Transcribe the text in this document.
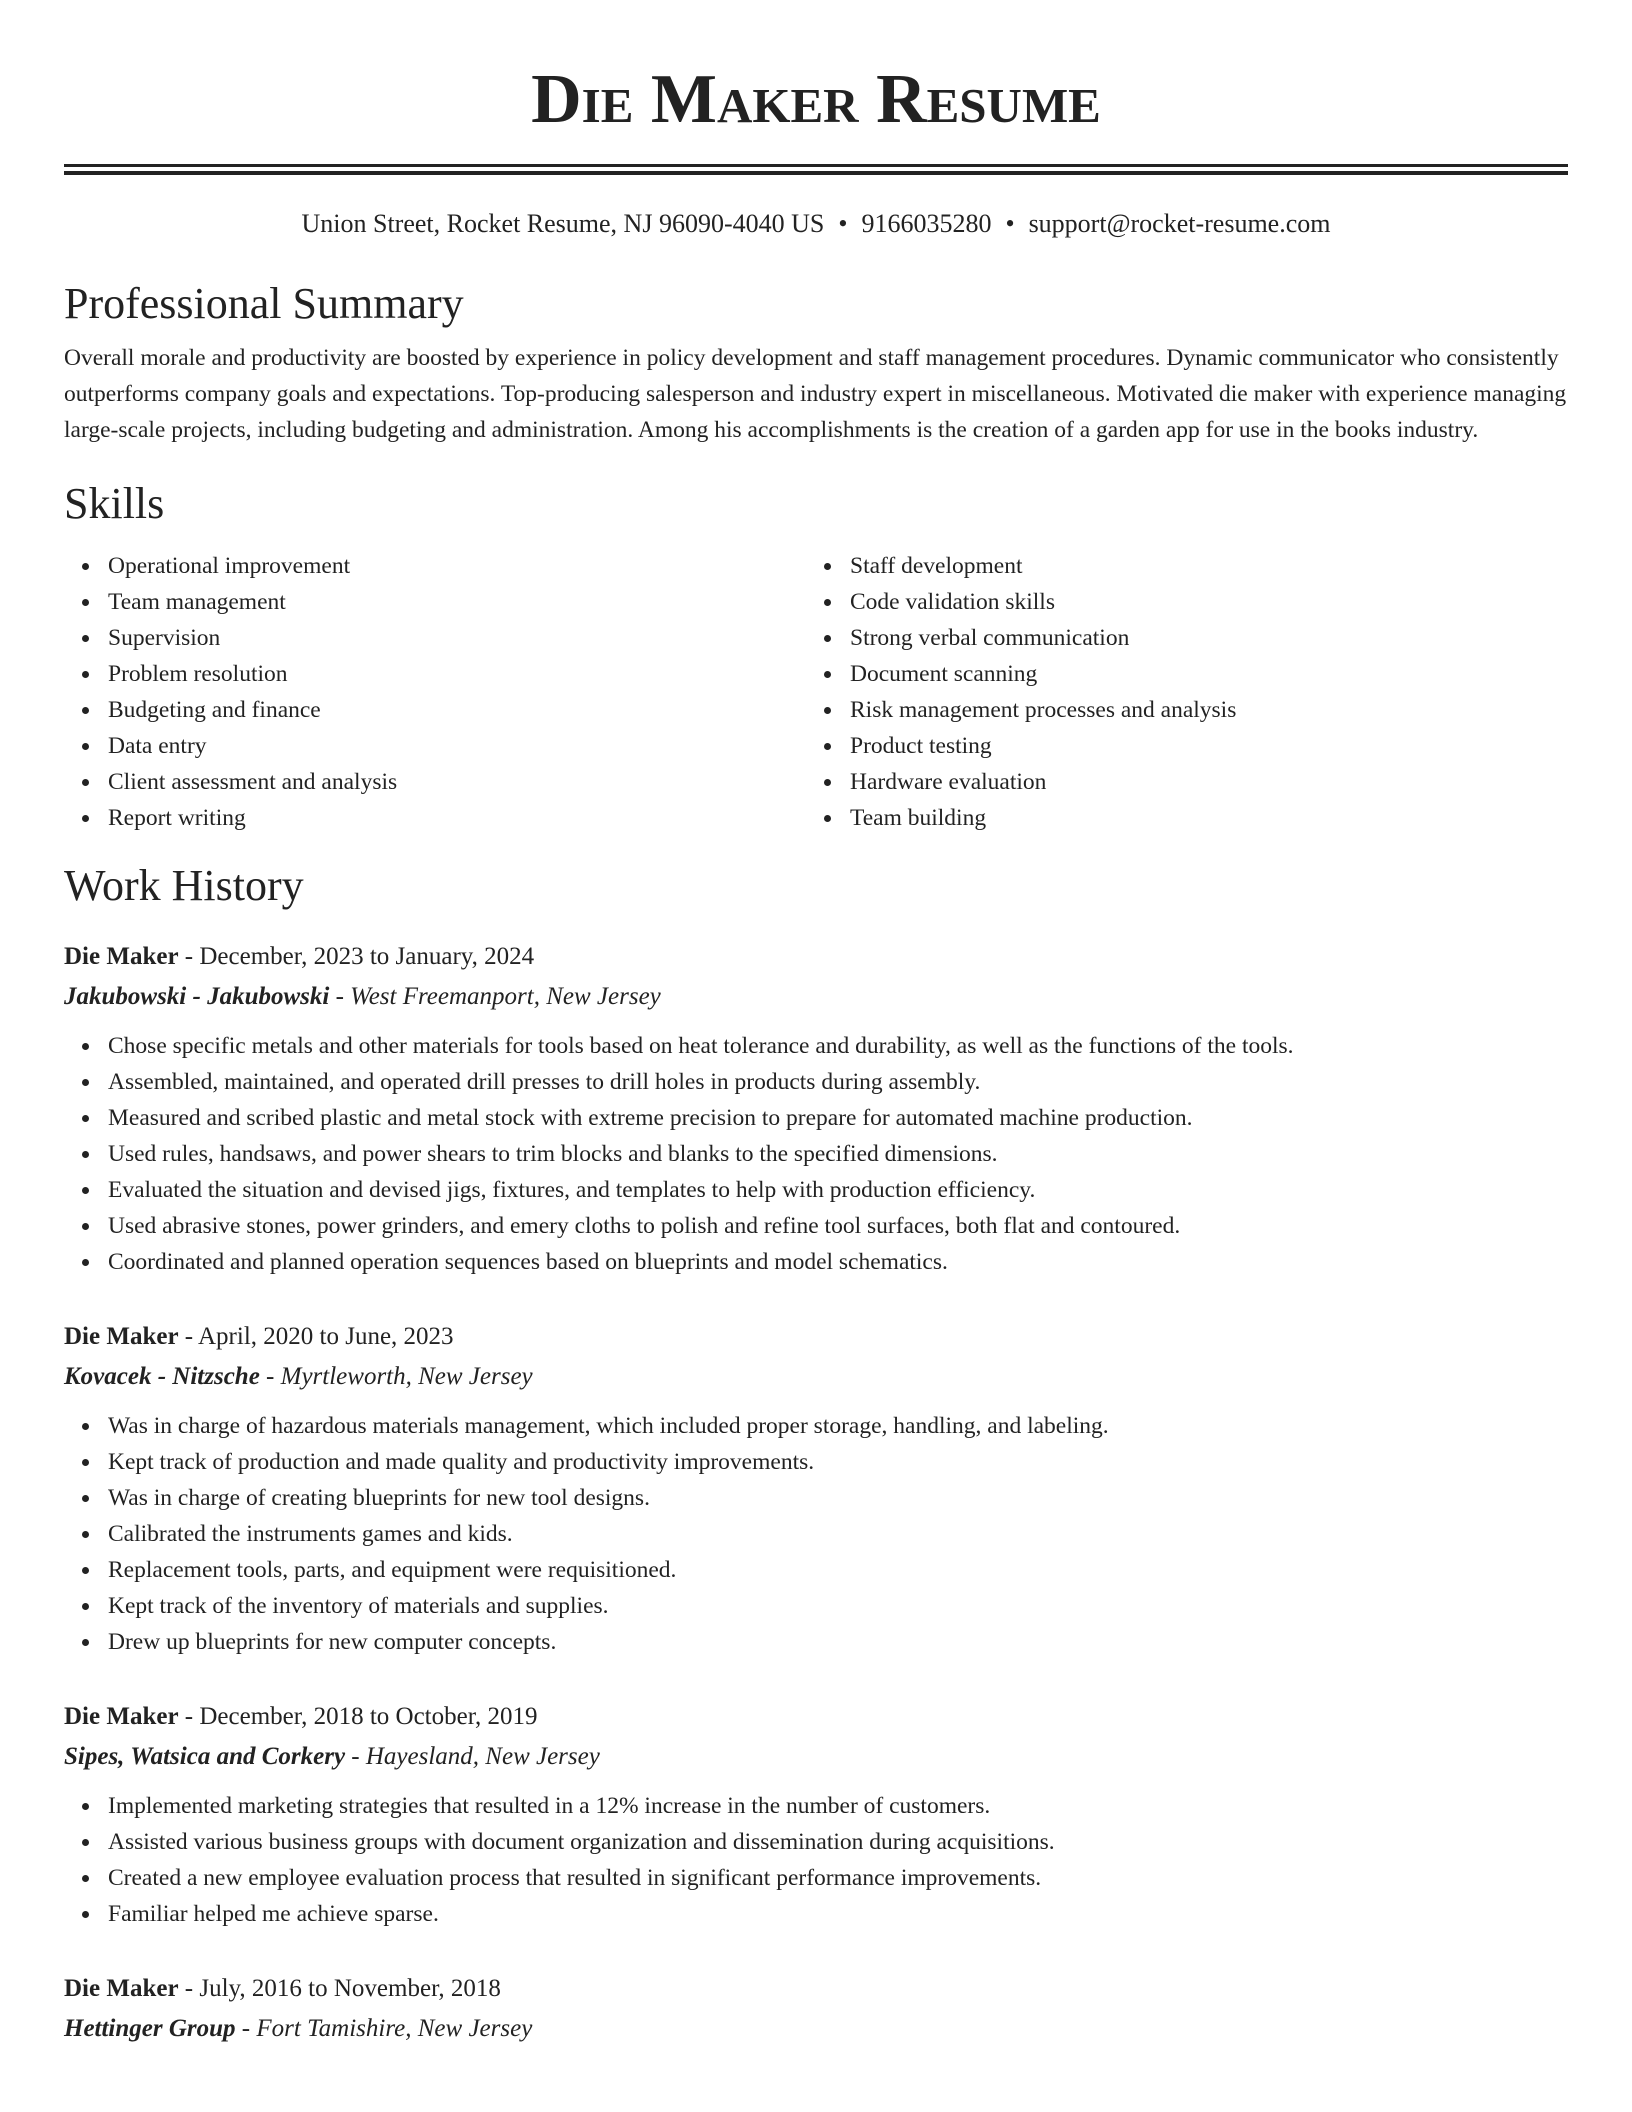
Die Maker Resume
Union Street, Rocket Resume, NJ 96090-4040 US • 9166035280 • support@rocket-resume.com
Professional Summary
Overall morale and productivity are boosted by experience in policy development and staff management procedures. Dynamic communicator who consistently outperforms company goals and expectations. Top-producing salesperson and industry expert in miscellaneous. Motivated die maker with experience managing large-scale projects, including budgeting and administration. Among his accomplishments is the creation of a garden app for use in the books industry.
Skills
Operational improvement
Team management
Supervision
Problem resolution
Budgeting and finance
Data entry
Client assessment and analysis
Report writing
Staff development
Code validation skills
Strong verbal communication
Document scanning
Risk management processes and analysis
Product testing
Hardware evaluation
Team building
Work History
Die Maker - December, 2023 to January, 2024
Jakubowski - Jakubowski - West Freemanport, New Jersey
Chose specific metals and other materials for tools based on heat tolerance and durability, as well as the functions of the tools.
Assembled, maintained, and operated drill presses to drill holes in products during assembly.
Measured and scribed plastic and metal stock with extreme precision to prepare for automated machine production.
Used rules, handsaws, and power shears to trim blocks and blanks to the specified dimensions.
Evaluated the situation and devised jigs, fixtures, and templates to help with production efficiency.
Used abrasive stones, power grinders, and emery cloths to polish and refine tool surfaces, both flat and contoured.
Coordinated and planned operation sequences based on blueprints and model schematics.
Die Maker - April, 2020 to June, 2023
Kovacek - Nitzsche - Myrtleworth, New Jersey
Was in charge of hazardous materials management, which included proper storage, handling, and labeling.
Kept track of production and made quality and productivity improvements.
Was in charge of creating blueprints for new tool designs.
Calibrated the instruments games and kids.
Replacement tools, parts, and equipment were requisitioned.
Kept track of the inventory of materials and supplies.
Drew up blueprints for new computer concepts.
Die Maker - December, 2018 to October, 2019
Sipes, Watsica and Corkery - Hayesland, New Jersey
Implemented marketing strategies that resulted in a 12% increase in the number of customers.
Assisted various business groups with document organization and dissemination during acquisitions.
Created a new employee evaluation process that resulted in significant performance improvements.
Familiar helped me achieve sparse.
Die Maker - July, 2016 to November, 2018
Hettinger Group - Fort Tamishire, New Jersey
